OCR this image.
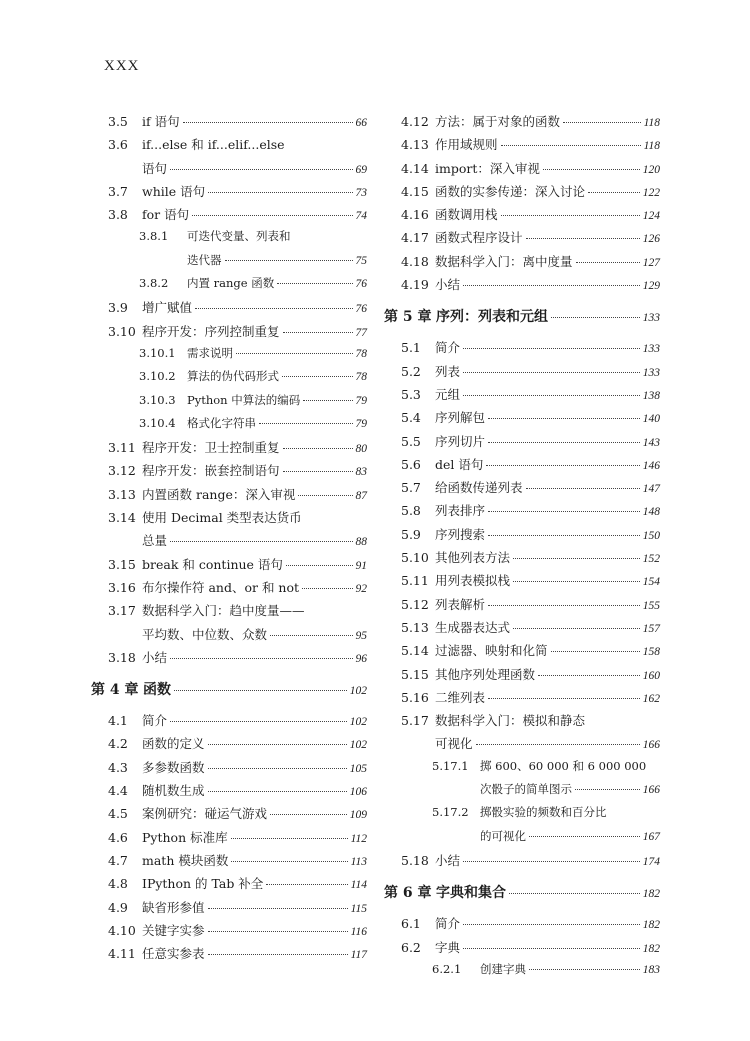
XXX
3.5	if 语句	66
3.6	if...else 和 if...elif...else
语句	69
3.7	while 语句	73
3.8	for 语句	74
3.8.1	可迭代变量、列表和
迭代器	75
3.8.2	内置 range 函数	76
3.9	增广赋值	76
3.10 程序开发：序列控制重复	77
3.10.1 需求说明	78
3.10.2 算法的伪代码形式	78
3.10.3 Python 中算法的编码	79
3.10.4 格式化字符串	79
3.11 程序开发：卫士控制重复	80
3.12 程序开发：嵌套控制语句	83
3.13 内置函数 range：深入审视	87
3.14 使用 Decimal 类型表达货币
总量	88
3.15 break 和 continue 语句	91
3.16 布尔操作符 and、or 和 not	92
3.17 数据科学入门：趋中度量——
平均数、中位数、众数	95
3.18 小结	96
第 4 章 函数	102
4.1	简介	102
4.2	函数的定义	102
4.3	多参数函数	105
4.4	随机数生成	106
4.5	案例研究：碰运气游戏	109
4.6	Python 标准库	112
4.7	math 模块函数	113
4.8	IPython 的 Tab 补全	114
4.9	缺省形参值	115
4.10 关键字实参	116
4.11 任意实参表	117
4.12 方法：属于对象的函数	118
4.13 作用域规则	118
4.14 import：深入审视	120
4.15 函数的实参传递：深入讨论	122
4.16 函数调用栈	124
4.17 函数式程序设计	126
4.18 数据科学入门：离中度量	127
4.19 小结	129
第 5 章 序列：列表和元组	133
5.1	简介	133
5.2	列表	133
5.3	元组	138
5.4	序列解包	140
5.5	序列切片	143
5.6	del 语句	146
5.7	给函数传递列表	147
5.8	列表排序	148
5.9	序列搜索	150
5.10 其他列表方法	152
5.11 用列表模拟栈	154
5.12 列表解析	155
5.13 生成器表达式	157
5.14 过滤器、映射和化简	158
5.15 其他序列处理函数	160
5.16 二维列表	162
5.17 数据科学入门：模拟和静态
可视化	166
5.17.1 掷 600、60 000 和 6 000 000
次骰子的简单图示	166
5.17.2 掷骰实验的频数和百分比
的可视化	167
5.18 小结	174
第 6 章 字典和集合	182
6.1	简介	182
6.2	字典	182
6.2.1	创建字典	183
